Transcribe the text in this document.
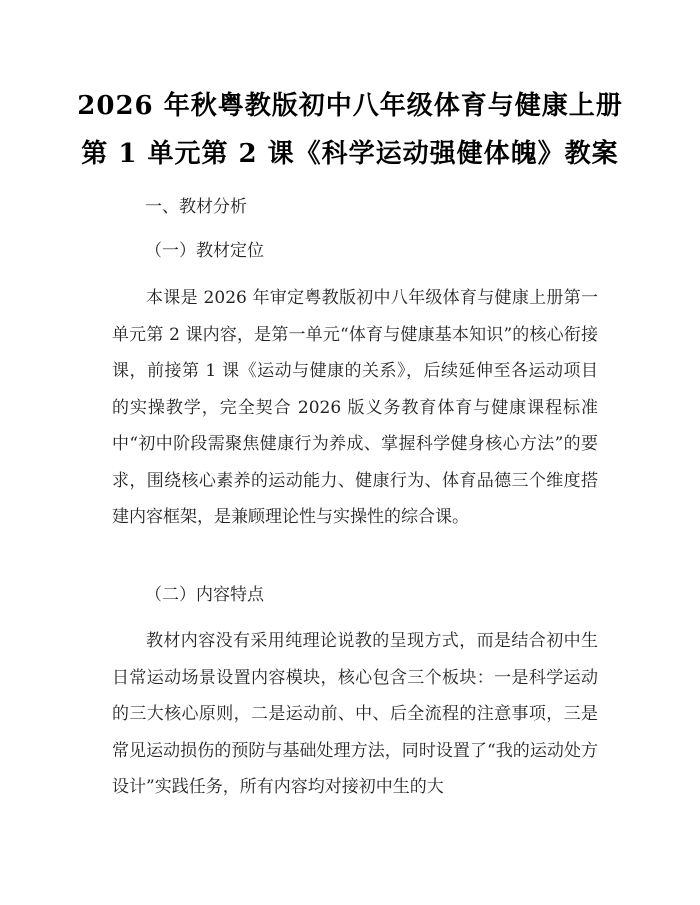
2026 年秋粤教版初中八年级体育与健康上册
第 1 单元第 2 课《科学运动强健体魄》教案
一、教材分析
（一）教材定位

本课是 2026 年审定粤教版初中八年级体育与健康上册第一单元第 2 课内容，是第一单元“体育与健康基本知识”的核心衔接课，前接第 1 课《运动与健康的关系》，后续延伸至各运动项目的实操教学，完全契合 2026 版义务教育体育与健康课程标准中“初中阶段需聚焦健康行为养成、掌握科学健身核心方法”的要求，围绕核心素养的运动能力、健康行为、体育品德三个维度搭建内容框架，是兼顾理论性与实操性的综合课。

（二）内容特点

教材内容没有采用纯理论说教的呈现方式，而是结合初中生日常运动场景设置内容模块，核心包含三个板块：一是科学运动的三大核心原则，二是运动前、中、后全流程的注意事项，三是常见运动损伤的预防与基础处理方法，同时设置了“我的运动处方设计”实践任务，所有内容均对接初中生的大
